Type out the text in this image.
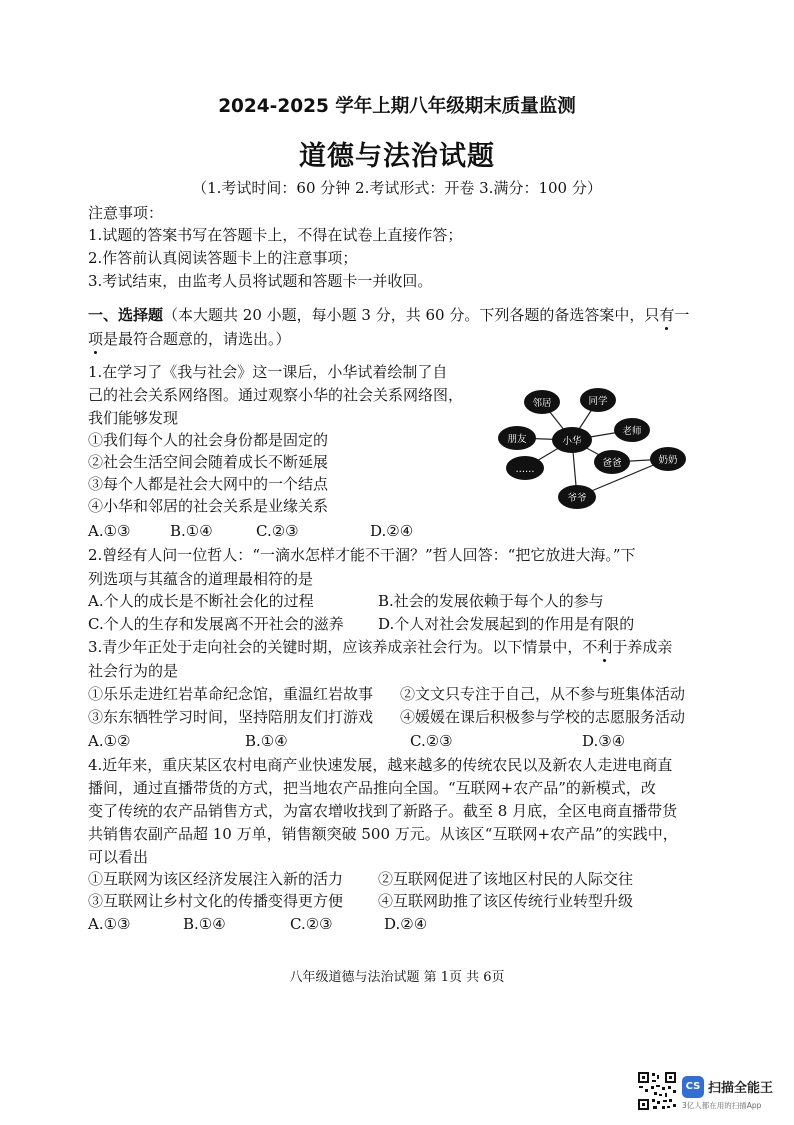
2024-2025 学年上期八年级期末质量监测
道德与法治试题
（1.考试时间：60 分钟 2.考试形式：开卷 3.满分：100 分）
注意事项：
1.试题的答案书写在答题卡上，不得在试卷上直接作答；
2.作答前认真阅读答题卡上的注意事项；
3.考试结束，由监考人员将试题和答题卡一并收回。
一、选择题（本大题共 20 小题，每小题 3 分，共 60 分。下列各题的备选答案中，只有一
项是最符合题意的，请选出。）
1.在学习了《我与社会》这一课后，小华试着绘制了自
己的社会关系网络图。通过观察小华的社会关系网络图，
我们能够发现
①我们每个人的社会身份都是固定的
②社会生活空间会随着成长不断延展
③每个人都是社会大网中的一个结点
④小华和邻居的社会关系是业缘关系
A.①③	B.①④	C.②③	D.②④
小华
邻居	同学
老师
朋友
……
爸爸	奶奶
爷爷
2.曾经有人问一位哲人：“一滴水怎样才能不干涸？”哲人回答：“把它放进大海。”下
列选项与其蕴含的道理最相符的是
A.个人的成长是不断社会化的过程	B.社会的发展依赖于每个人的参与
C.个人的生存和发展离不开社会的滋养 D.个人对社会发展起到的作用是有限的
3.青少年正处于走向社会的关键时期，应该养成亲社会行为。以下情景中，不利于养成亲
社会行为的是
①乐乐走进红岩革命纪念馆，重温红岩故事 ②文文只专注于自己，从不参与班集体活动
③东东牺牲学习时间，坚持陪朋友们打游戏 ④媛媛在课后积极参与学校的志愿服务活动
A.①②	B.①④	C.②③	D.③④
4.近年来，重庆某区农村电商产业快速发展，越来越多的传统农民以及新农人走进电商直
播间，通过直播带货的方式，把当地农产品推向全国。“互联网+农产品”的新模式，改
变了传统的农产品销售方式，为富农增收找到了新路子。截至 8 月底，全区电商直播带货
共销售农副产品超 10 万单，销售额突破 500 万元。从该区“互联网+农产品”的实践中，
可以看出
①互联网为该区经济发展注入新的活力 ②互联网促进了该地区村民的人际交往
③互联网让乡村文化的传播变得更方便 ④互联网助推了该区传统行业转型升级
A.①③	B.①④	C.②③	D.②④
八年级道德与法治试题 第 1页 共 6页
CS 扫描全能王
3亿人都在用的扫描App
